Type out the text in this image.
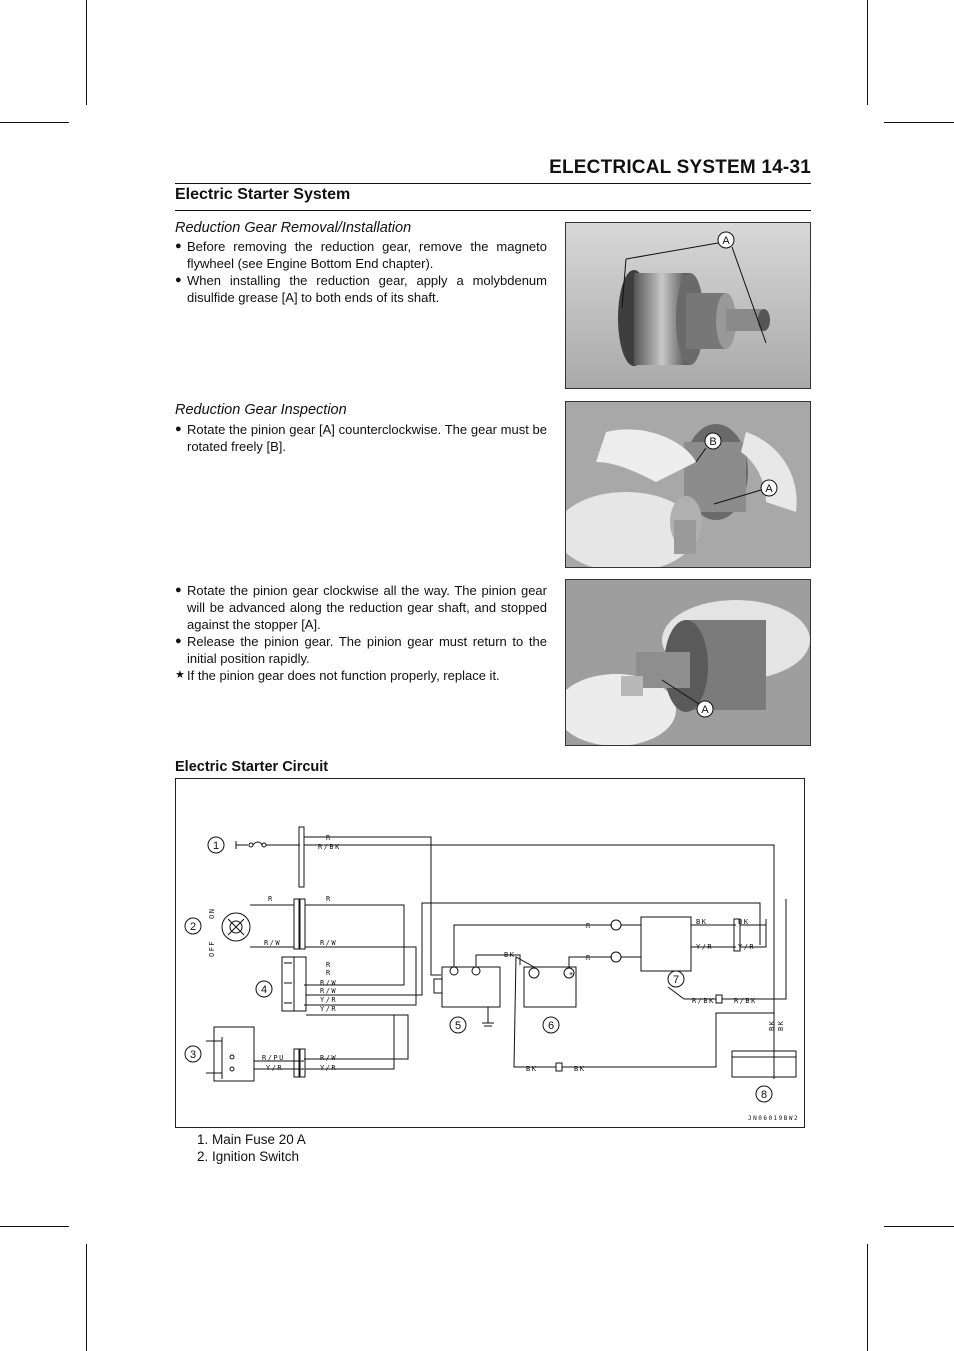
ELECTRICAL SYSTEM 14-31
Electric Starter System
Reduction Gear Removal/Installation
● Before removing the reduction gear, remove the magneto flywheel (see Engine Bottom End chapter).
● When installing the reduction gear, apply a molybdenum disulfide grease [A] to both ends of its shaft.
A
Reduction Gear Inspection
● Rotate the pinion gear [A] counterclockwise. The gear must be rotated freely [B].	B
A
● Rotate the pinion gear clockwise all the way. The pinion gear will be advanced along the reduction gear shaft, and stopped against the stopper [A].
● Release the pinion gear. The pinion gear must return to the initial position rapidly.
★ If the pinion gear does not function properly, replace it.
A
Electric Starter Circuit
1
2
3
4
5	6
7
8
R
R/BK
OFF
ON
R	R
R/W	R/W
R
R
R/W
R/W
Y/R
Y/R
R/PU
Y/R
R/W
Y/R
BK
+
BK	BK
R
R
BK
Y/R
BK
Y/R
R/BK	R/BK
BK BK
JN06019BW2 C
1. Main Fuse 20 A
2. Ignition Switch
